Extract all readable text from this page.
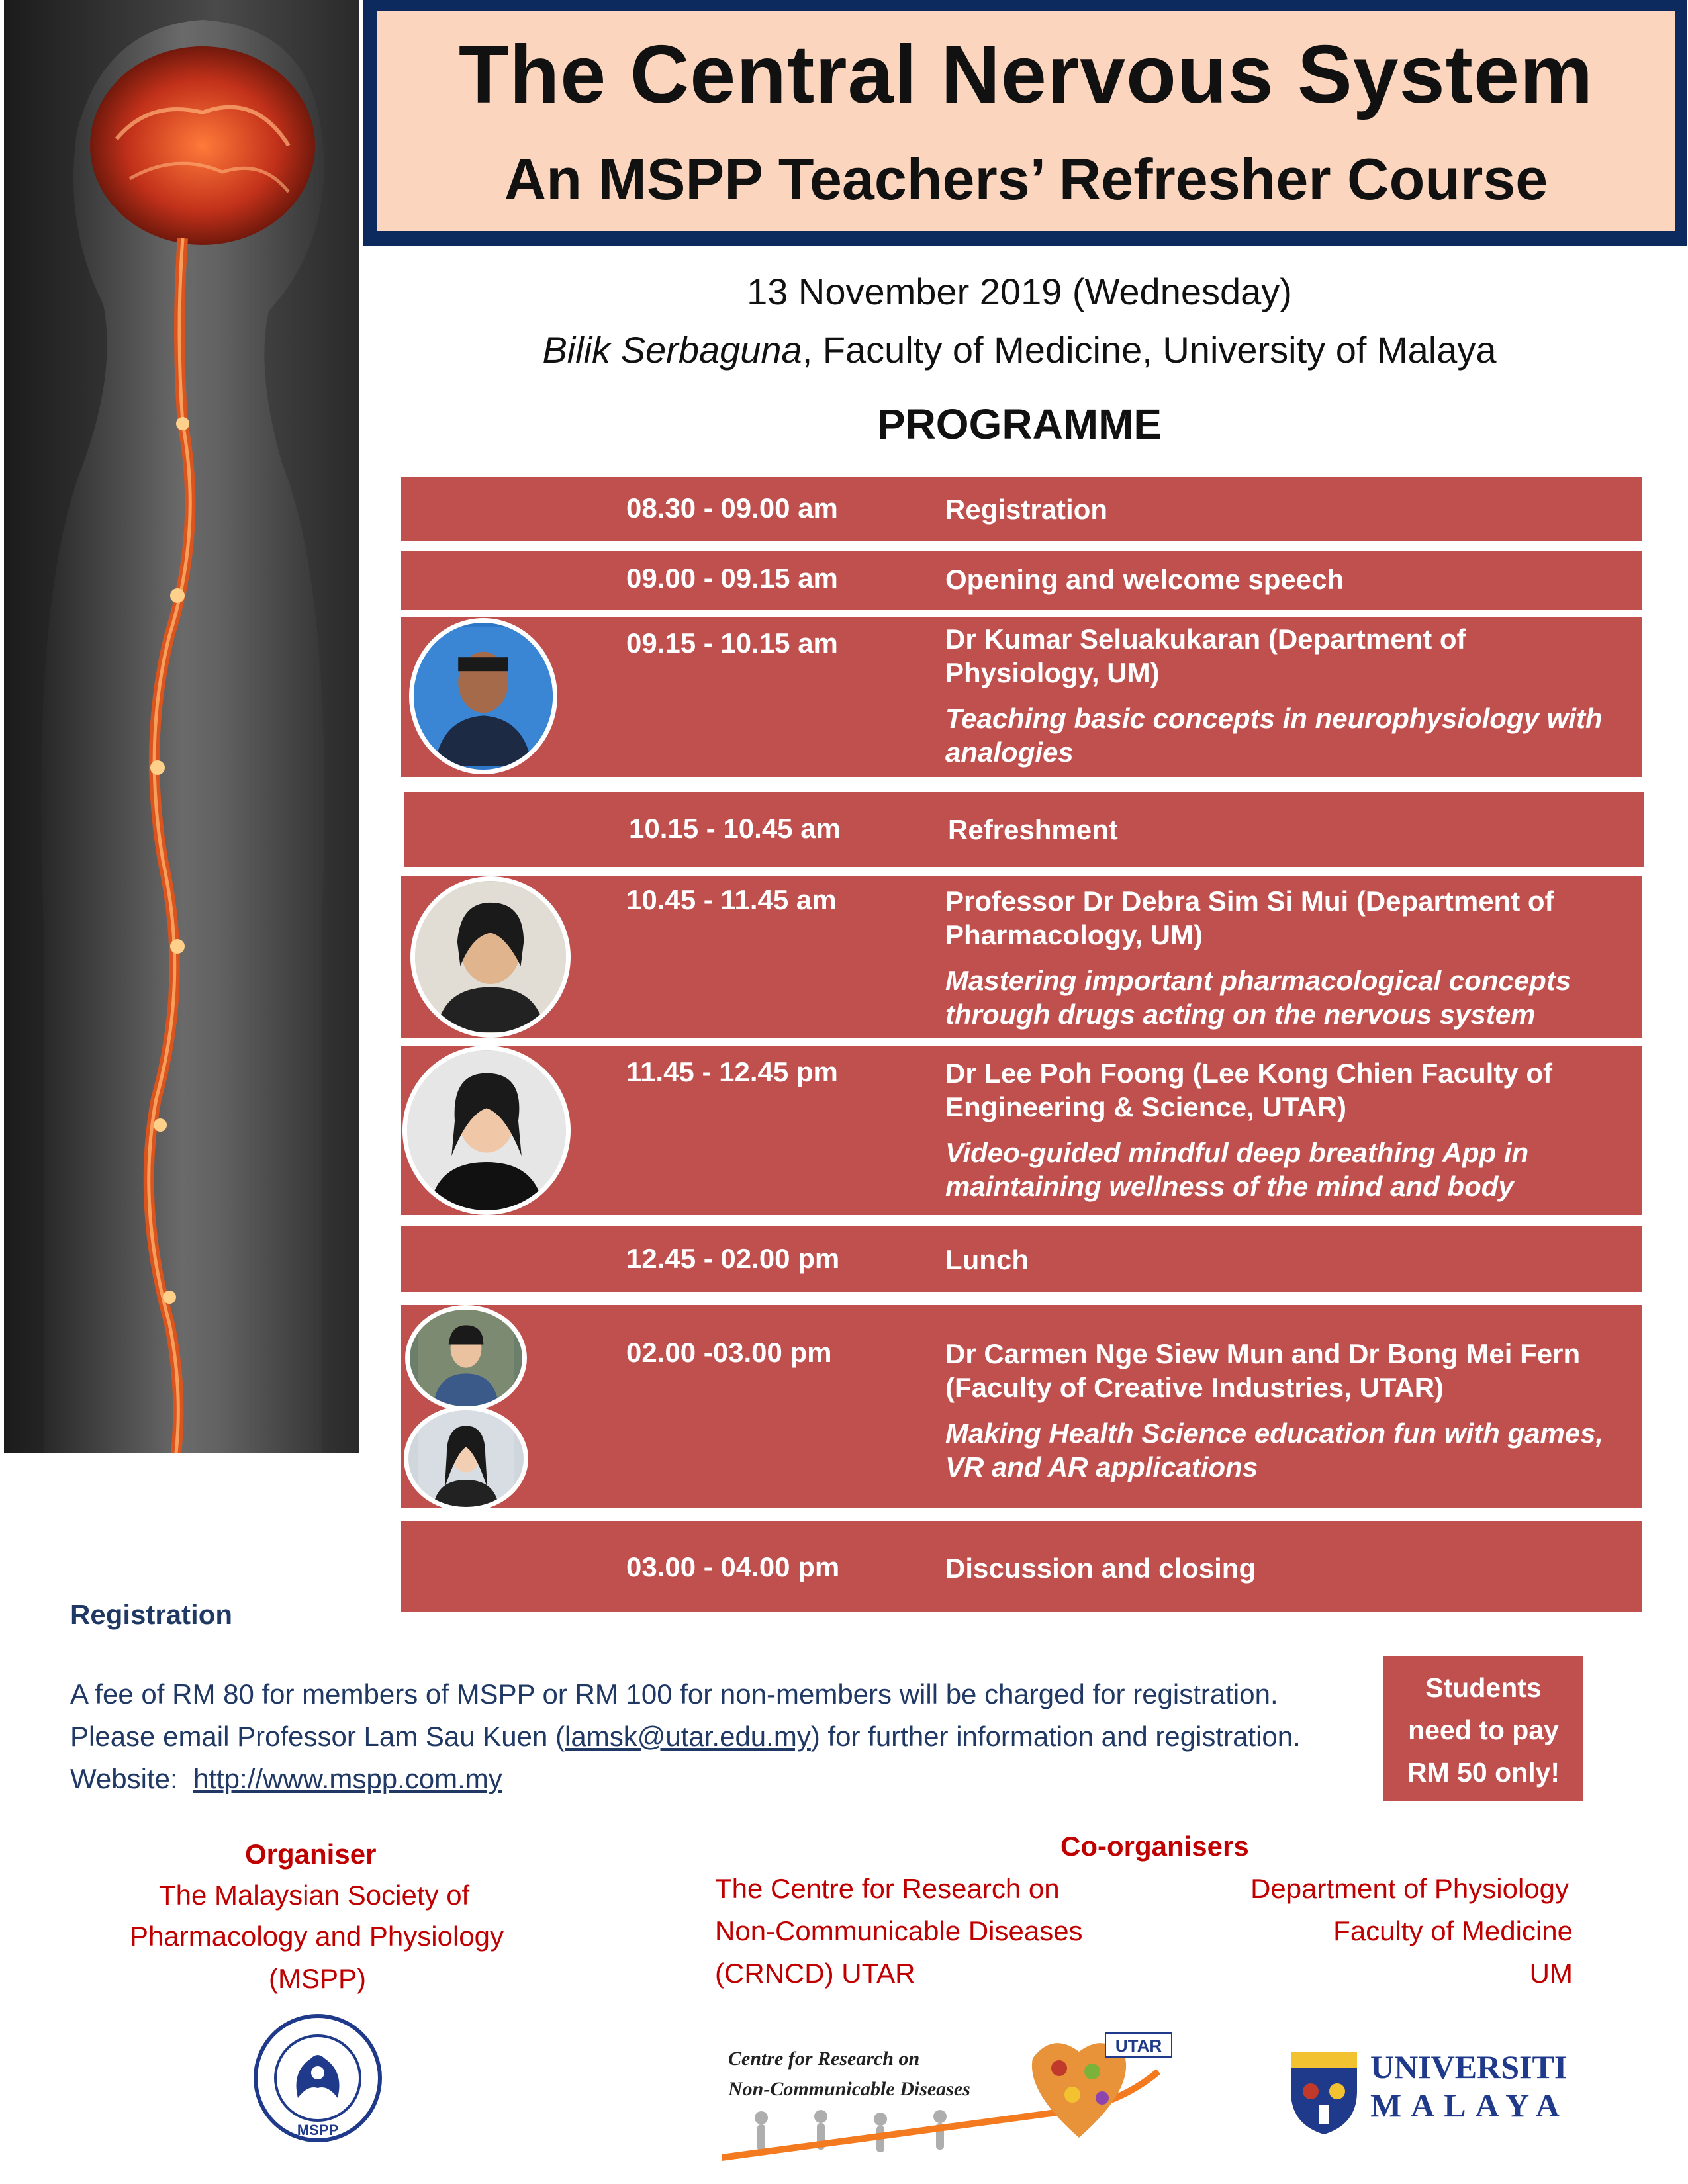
The Central Nervous System
An MSPP Teachers’ Refresher Course
13 November 2019 (Wednesday)
Bilik Serbaguna, Faculty of Medicine, University of Malaya
PROGRAMME
08.30 - 09.00 am	Registration
09.00 - 09.15 am	Opening and welcome speech
09.15 - 10.15 am	Dr Kumar Seluakukaran (Department of Physiology, UM)
Teaching basic concepts in neurophysiology with analogies
10.15 - 10.45 am	Refreshment
10.45 - 11.45 am	Professor Dr Debra Sim Si Mui (Department of Pharmacology, UM)
Mastering important pharmacological concepts through drugs acting on the nervous system
11.45 - 12.45 pm	Dr Lee Poh Foong (Lee Kong Chien Faculty of Engineering & Science, UTAR)
Video-guided mindful deep breathing App in maintaining wellness of the mind and body
12.45 - 02.00 pm	Lunch
02.00 -03.00 pm	Dr Carmen Nge Siew Mun and Dr Bong Mei Fern (Faculty of Creative Industries, UTAR)
Making Health Science education fun with games, VR and AR applications
03.00 - 04.00 pm	Discussion and closing
Registration
A fee of RM 80 for members of MSPP or RM 100 for non-members will be charged for registration.
Please email Professor Lam Sau Kuen (lamsk@utar.edu.my) for further information and registration.
Website: http://www.mspp.com.my
Students
need to pay
RM 50 only!
Organiser
The Malaysian Society of
Pharmacology and Physiology
(MSPP)
Co-organisers
The Centre for Research on
Non-Communicable Diseases
(CRNCD) UTAR
Department of Physiology
Faculty of Medicine
UM
MSPP
Centre for Research on
Non-Communicable Diseases
UTAR
UNIVERSITI
MALAYA
